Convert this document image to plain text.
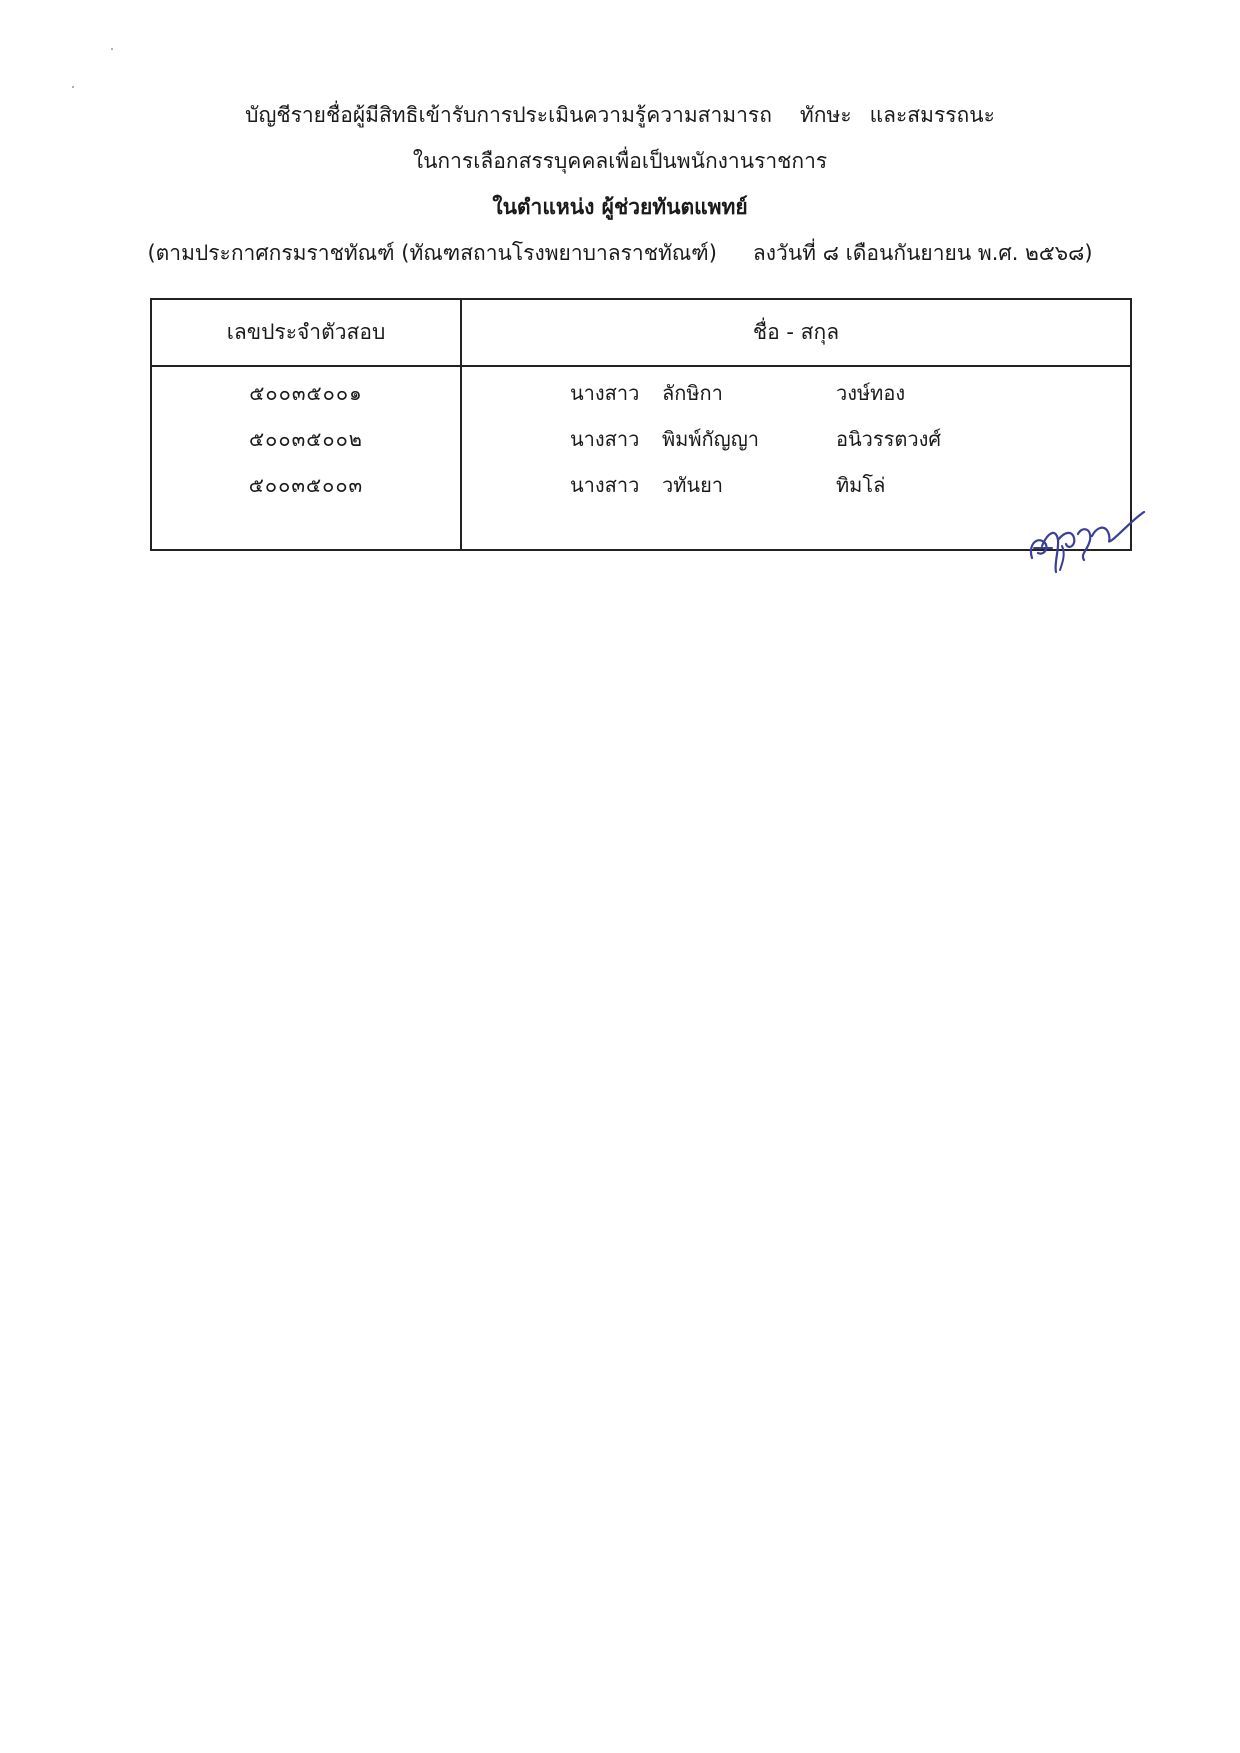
บัญชีรายชื่อผู้มีสิทธิเข้ารับการประเมินความรู้ความสามารถ ทักษะ และสมรรถนะ
ในการเลือกสรรบุคคลเพื่อเป็นพนักงานราชการ
ในตำแหน่ง ผู้ช่วยทันตแพทย์
(ตามประกาศกรมราชทัณฑ์ (ทัณฑสถานโรงพยาบาลราชทัณฑ์) ลงวันที่ ๘ เดือนกันยายน พ.ศ. ๒๕๖๘)
เลขประจำตัวสอบ	ชื่อ - สกุล
๕๐๐๓๕๐๐๑	นางสาว ลักษิกา	วงษ์ทอง
๕๐๐๓๕๐๐๒	นางสาว พิมพ์กัญญา	อนิวรรตวงศ์
๕๐๐๓๕๐๐๓	นางสาว วทันยา	ทิมโล่
